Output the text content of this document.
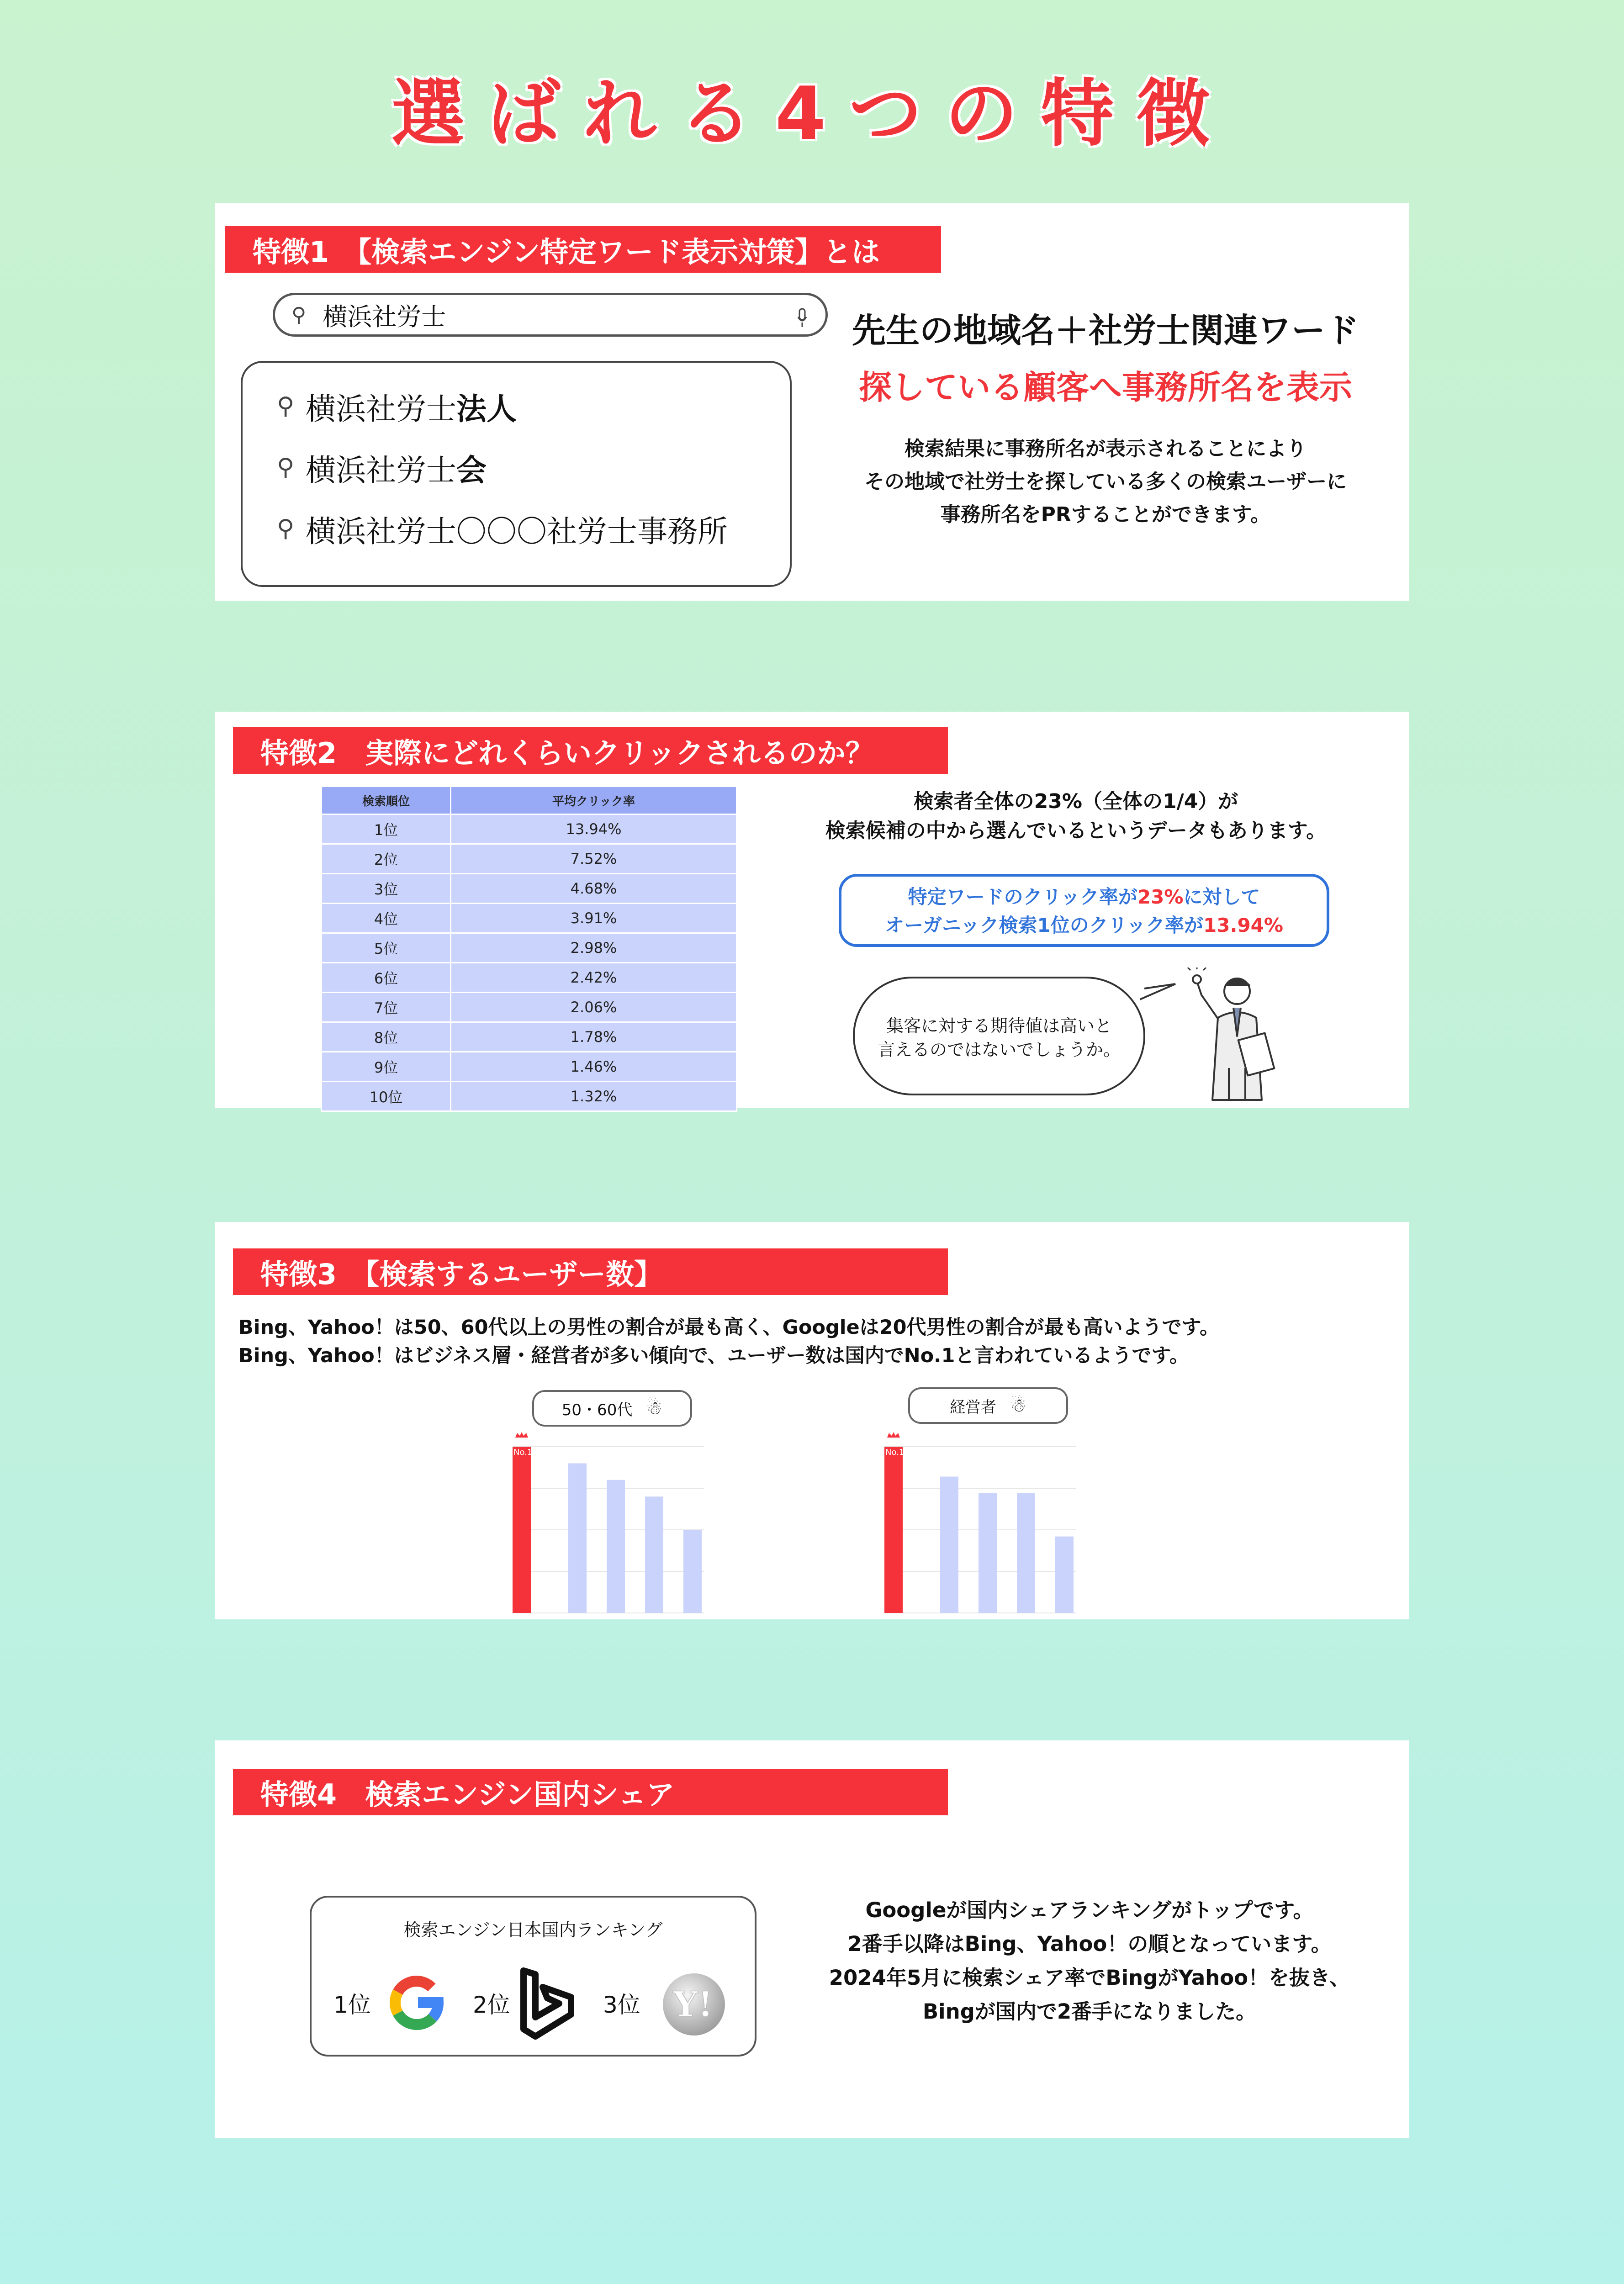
選ばれる4つの特徴
特徴1　【検索エンジン特定ワード表示対策】とは
⚲ 横浜社労士
⚲ 横浜社労士 法人
⚲ 横浜社労士 会
⚲ 横浜社労士 〇〇〇社労士事務所
先生の地域名＋社労士関連ワード
探している顧客へ事務所名を表示
検索結果に事務所名が表示されることにより
その地域で社労士を探している多くの検索ユーザーに
事務所名をPRすることができます。
特徴2　実際にどれくらいクリックされるのか？
検索順位	平均クリック率
1位	13.94%
2位	7.52%
3位	4.68%
4位	3.91%
5位	2.98%
6位	2.42%
7位	2.06%
8位	1.78%
9位	1.46%
10位	1.32%
検索者全体の23%（全体の1/4）が
検索候補の中から選んでいるというデータもあります。
特定ワードのクリック率が23%に対して
オーガニック検索1位のクリック率が13.94%
集客に対する期待値は高いと
言えるのではないでしょうか。
特徴3　【検索するユーザー数】
Bing、Yahoo！は50、60代以上の男性の割合が最も高く、Googleは20代男性の割合が最も高いようです。
Bing、Yahoo！はビジネス層・経営者が多い傾向で、ユーザー数は国内でNo.1と言われているようです。
50・60代 ☃
No.1
経営者 ☃
No.1
特徴4　検索エンジン国内シェア
検索エンジン日本国内ランキング
1位	2位	3位 Y!
Googleが国内シェアランキングがトップです。
2番手以降はBing、Yahoo！の順となっています。
2024年5月に検索シェア率でBingがYahoo！を抜き、
Bingが国内で2番手になりました。
